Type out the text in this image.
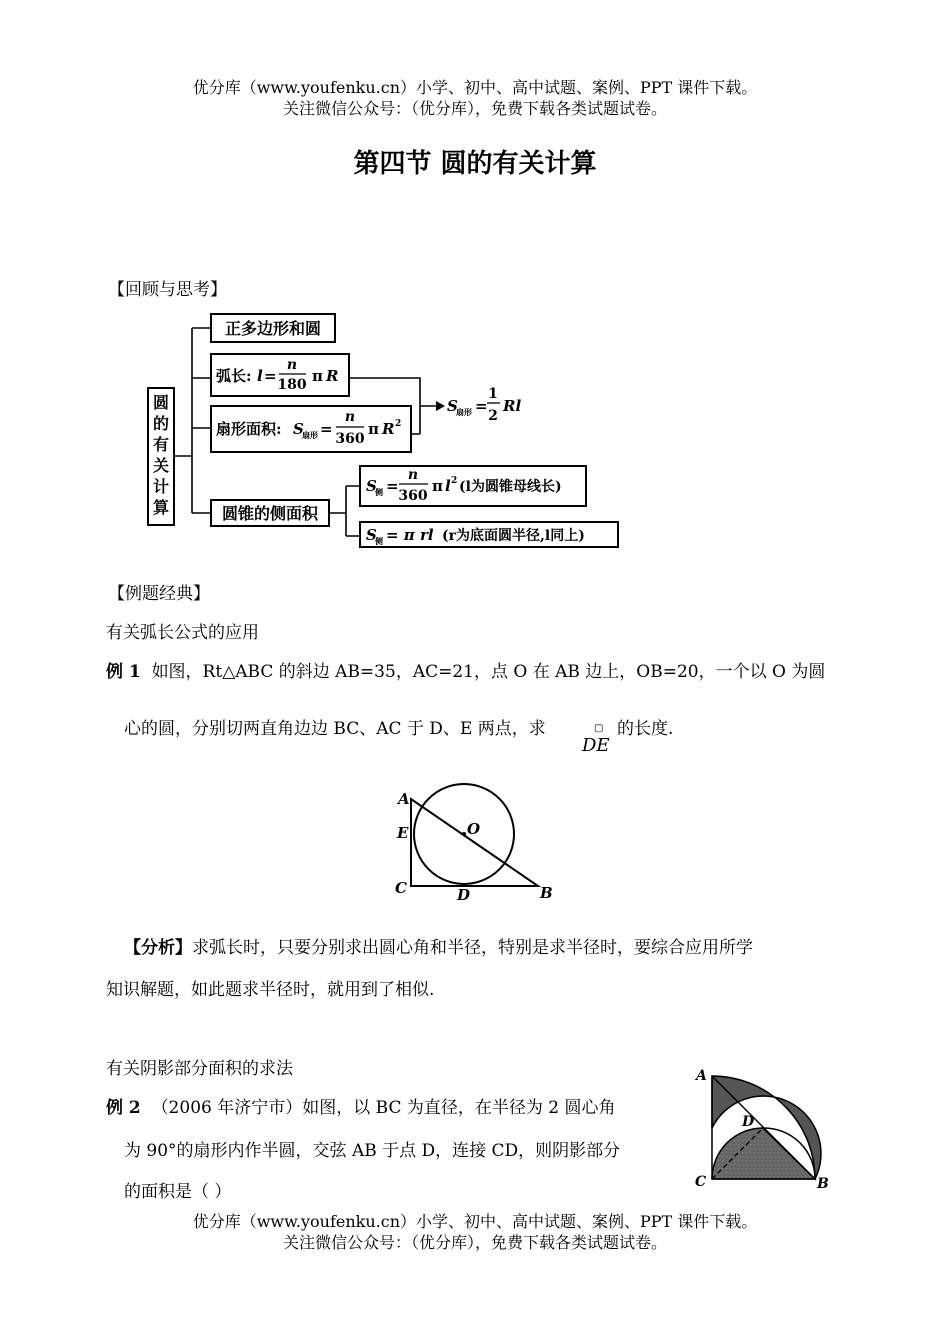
优分库（www.youfenku.cn）小学、初中、高中试题、案例、PPT 课件下载。
关注微信公众号：（优分库），免费下载各类试题试卷。
第四节 圆的有关计算
【回顾与思考】
圆
的
有
关
计
算
正多边形和圆
弧长: l =
n
180 π R
扇形面积: S
扇形 =
n
360
π R 2
S
扇形 =
1
2
Rl
圆锥的侧面积
S
侧 =
n
360
π l 2 (l为圆锥母线长)
S
侧 = π rl (r为底面圆半径,l同上)
【例题经典】
有关弧长公式的应用
例 1 如图，Rt△ABC 的斜边 AB=35，AC=21，点 O 在 AB 边上，OB=20，一个以 O 为圆
心的圆，分别切两直角边边 BC、AC 于 D、E 两点，求	▢
DE
的长度.
A
E	O
C	D	B
【分析】求弧长时，只要分别求出圆心角和半径，特别是求半径时，要综合应用所学
知识解题，如此题求半径时，就用到了相似.
有关阴影部分面积的求法
例 2 （2006 年济宁市）如图，以 BC 为直径，在半径为 2 圆心角
为 90°的扇形内作半圆，交弦 AB 于点 D，连接 CD，则阴影部分
的面积是（ ）
A
D
C	B
优分库（www.youfenku.cn）小学、初中、高中试题、案例、PPT 课件下载。
关注微信公众号：（优分库），免费下载各类试题试卷。
